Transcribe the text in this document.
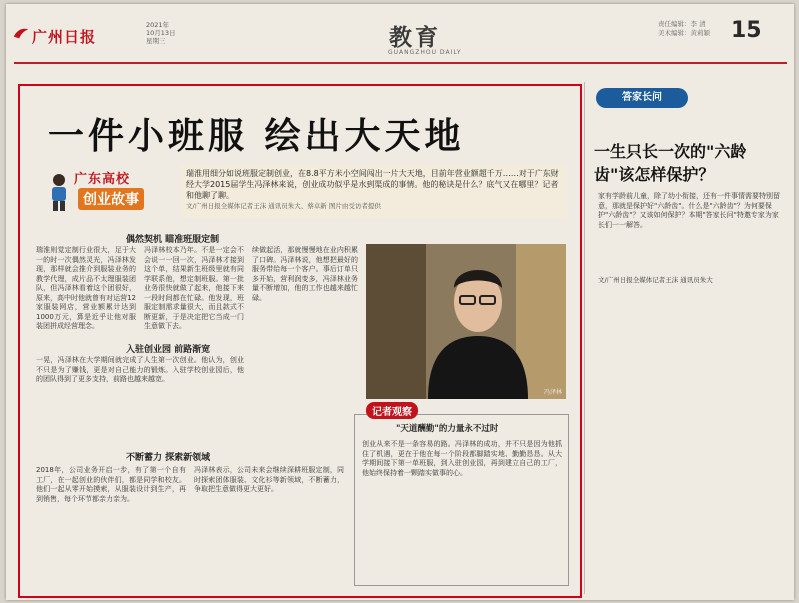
广州日报
2021年
10月13日
星期三	教育
GUANGZHOU DAILY
责任编辑：李 清
美术编辑：黄莉颖 15
一件小班服 绘出大天地
广东高校
创业故事
瑞淮用细分如说班服定制创业，在8.8平方米小空间闯出一片大天地，目前年营业额超千万……对于广东财经大学2015届学生冯泽林来说，创业成功似乎是水到渠成的事情。他的秘诀是什么？底气又在哪里？记者和他聊了聊。
文/广州日报全媒体记者王沫 通讯员朱大、蔡卓新 图片由受访者提供
偶然契机 瞄准班服定制
瑞淮则觉定制行业很大，足于大一的时一次偶然灵光，冯泽林发现，那样就会推介到服装业务的教学代理，成片品不太理服装团队，但冯泽林看着这个团很好，原来，高中时他就曾有对运营12家服装网店，营业额累计达到1000万元，算是近乎让他对服装团拼成经营理念。
冯泽林校本乃年。不是一定会不会说一一回一次，冯泽林才接到这个单，结果新生班级里就有同学联系他，想定制班服。第一批业务很快就做了起来，他接下来一段时间都在忙碌。他发现，班服定制需求量很大，而且款式不断更新，于是决定把它当成一门生意做下去。
续做起活，那就慢慢地在业内积累了口碑。冯泽林说，他想把最好的服务带给每一个客户。事后订单只多开始，营利润变多，冯泽林业务量不断增加，他的工作也越来越忙碌。
入驻创业园 前路渐宽
一晃，冯泽林在大学期间就完成了人生第一次创业。他认为，创业不只是为了赚钱，更是对自己能力的锻炼。入驻学校创业园后，他的团队得到了更多支持，前路也越来越宽。
不断蓄力 探索新领域
2018年，公司业务开启一步，有了第一个自有工厂，在一起创业的伙伴们，都是同学和校友。他们一起从零开始摸索，从服装设计到生产，再到销售，每个环节都亲力亲为。
冯泽林表示，公司未来会继续深耕班服定制，同时探索团体服装、文化衫等新领域，不断蓄力，争取把生意做得更大更好。
冯泽林
记者观察
"天道酬勤"的力量永不过时
创业从来不是一条容易的路。冯泽林的成功，并不只是因为他抓住了机遇，更在于他在每一个阶段都脚踏实地、勤勤恳恳。从大学期间接下第一单班服，到入驻创业园，再到建立自己的工厂，他始终保持着一颗踏实做事的心。
答家长问
一生只长一次的"六龄齿"该怎样保护？
家有学龄前儿童，除了幼小衔接，还有一件事情需要特别留意，那就是保护好"六龄齿"。什么是"六龄齿"？为何要保护"六龄齿"？又该如何保护？本期"答家长问"特邀专家为家长们一一解答。
文/广州日报全媒体记者王沫 通讯员朱大
